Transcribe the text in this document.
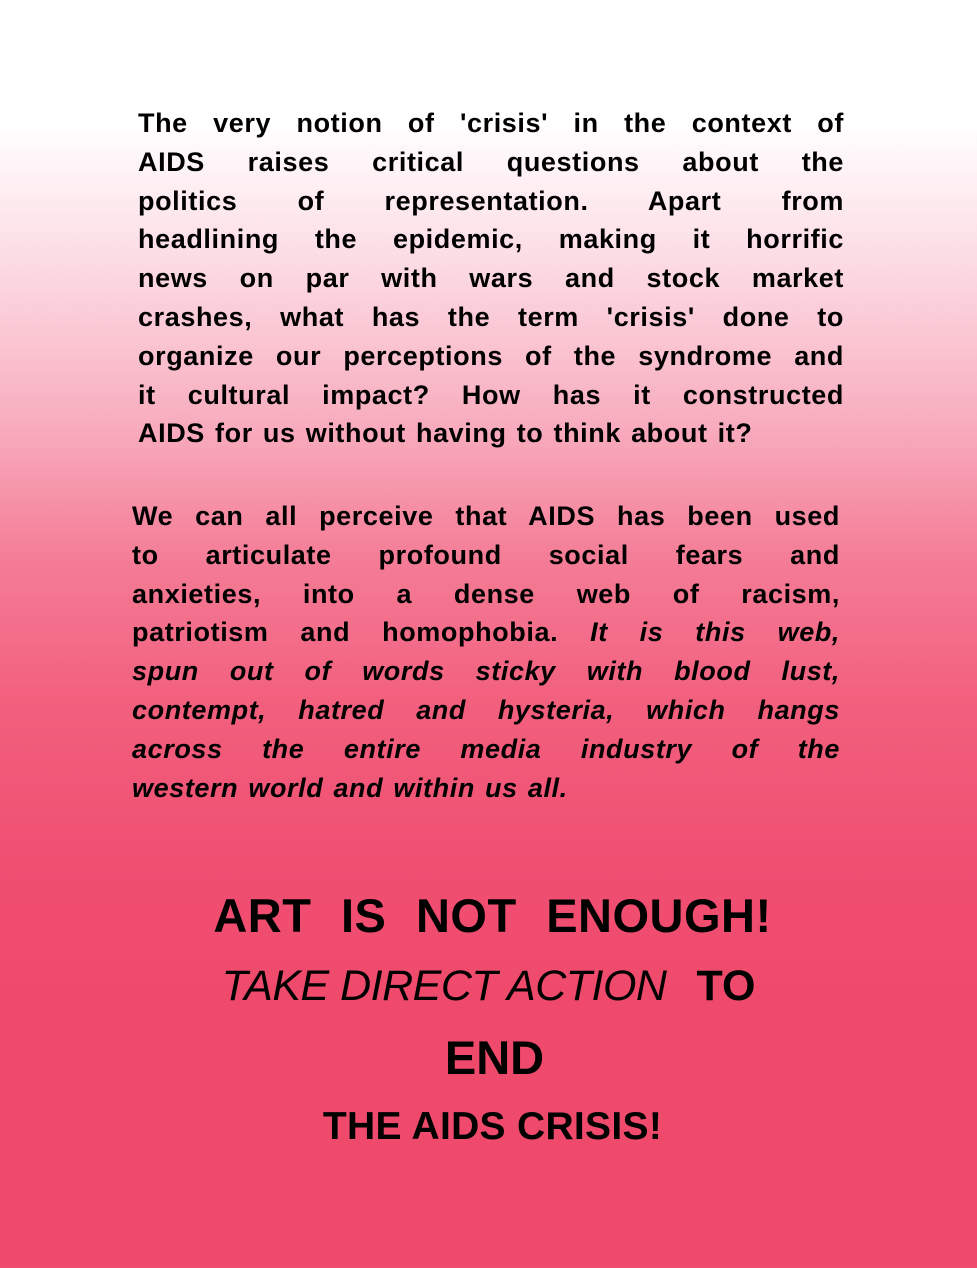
The very notion of 'crisis' in the context of
AIDS raises critical questions about the
politics of representation. Apart from
headlining the epidemic, making it horrific
news on par with wars and stock market
crashes, what has the term 'crisis' done to
organize our perceptions of the syndrome and
it cultural impact? How has it constructed
AIDS for us without having to think about it?
We can all perceive that AIDS has been used
to articulate profound social fears and
anxieties, into a dense web of racism,
patriotism and homophobia. It is this web,
spun out of words sticky with blood lust,
contempt, hatred and hysteria, which hangs
across the entire media industry of the
western world and within us all.
ART IS NOT ENOUGH!
TAKE DIRECT ACTION TO
END
THE AIDS CRISIS!
